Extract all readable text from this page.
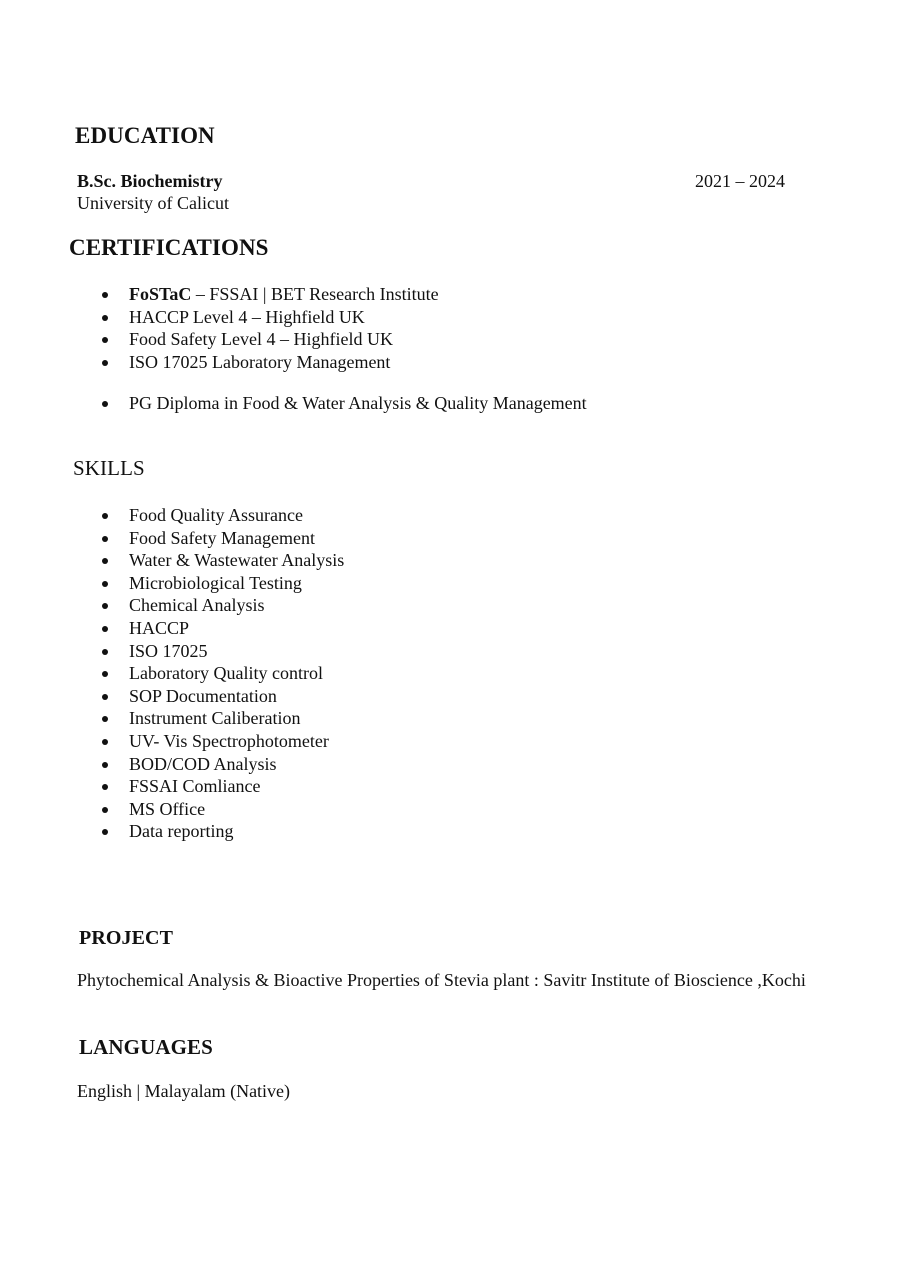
EDUCATION
B.Sc. Biochemistry	2021 – 2024
University of Calicut
CERTIFICATIONS
FoSTaC – FSSAI | BET Research Institute
HACCP Level 4 – Highfield UK
Food Safety Level 4 – Highfield UK
ISO 17025 Laboratory Management
PG Diploma in Food & Water Analysis & Quality Management
SKILLS
Food Quality Assurance
Food Safety Management
Water & Wastewater Analysis
Microbiological Testing
Chemical Analysis
HACCP
ISO 17025
Laboratory Quality control
SOP Documentation
Instrument Caliberation
UV- Vis Spectrophotometer
BOD/COD Analysis
FSSAI Comliance
MS Office
Data reporting
PROJECT
Phytochemical Analysis & Bioactive Properties of Stevia plant : Savitr Institute of Bioscience ,Kochi
LANGUAGES
English | Malayalam (Native)
